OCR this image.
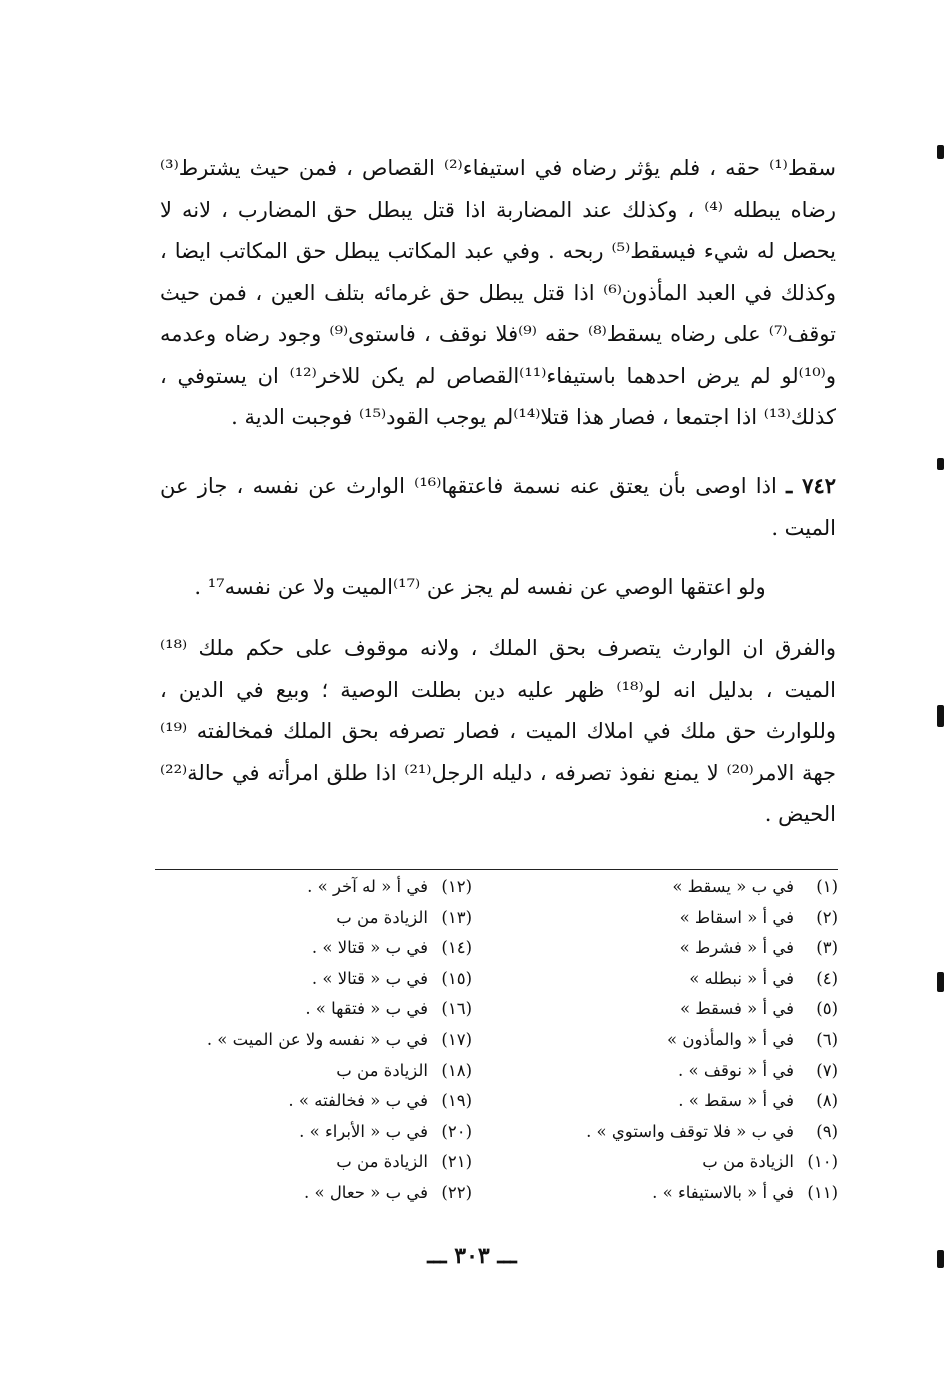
سقط⁽¹⁾ حقه ، فلم يؤثر رضاه في استيفاء⁽²⁾ القصاص ، فمن حيث يشترط⁽³⁾ رضاه يبطله ⁽⁴⁾ ، وكذلك عند المضاربة اذا قتل يبطل حق المضارب ، لانه لا يحصل له شيء فيسقط⁽⁵⁾ ربحه . وفي عبد المكاتب يبطل حق المكاتب ايضا ، وكذلك في العبد المأذون⁽⁶⁾ اذا قتل يبطل حق غرمائه بتلف العين ، فمن حيث توقف⁽⁷⁾ على رضاه يسقط⁽⁸⁾ حقه ⁽⁹⁾فلا نوقف ، فاستوى⁽⁹⁾ وجود رضاه وعدمه و⁽¹⁰⁾لو لم يرض احدهما باستيفاء⁽¹¹⁾القصاص لم يكن للاخر⁽¹²⁾ ان يستوفي ، كذلك⁽¹³⁾ اذا اجتمعا ، فصار هذا قتلا⁽¹⁴⁾لم يوجب القود⁽¹⁵⁾ فوجبت الدية .

٧٤٢ ـ اذا اوصى بأن يعتق عنه نسمة فاعتقها⁽¹⁶⁾ الوارث عن نفسه ، جاز عن الميت .

ولو اعتقها الوصي عن نفسه لم يجز عن ⁽¹⁷⁾الميت ولا عن نفسه¹⁷ .

والفرق ان الوارث يتصرف بحق الملك ، ولانه موقوف على حكم ملك ⁽¹⁸⁾ الميت ، بدليل انه لو⁽¹⁸⁾ ظهر عليه دين بطلت الوصية ؛ وبيع في الدين ، وللوارث حق ملك في املاك الميت ، فصار تصرفه بحق الملك فمخالفته ⁽¹⁹⁾ جهة الامر⁽²⁰⁾ لا يمنع نفوذ تصرفه ، دليله الرجل⁽²¹⁾ اذا طلق امرأته في حالة⁽²²⁾ الحيض .

(١)في ب « يسقط »
(٢)في أ « اسقاط »
(٣)في أ « فشرط »
(٤)في أ « نبطله »
(٥)في أ « فسقط »
(٦)في أ « والمأذون »
(٧)في أ « نوقف » .
(٨)في أ « سقط » .
(٩)في ب « فلا توقف واستوي » .
(١٠)الزيادة من ب
(١١)في أ « بالاستيفاء » .
(١٢)في أ « له آخر » .
(١٣)الزيادة من ب
(١٤)في ب « قتالا » .
(١٥)في ب « قتالا » .
(١٦)في ب « فتقها » .
(١٧)في ب « نفسه ولا عن الميت » .
(١٨)الزيادة من ب
(١٩)في ب « فخالفته » .
(٢٠)في ب « الأبراء » .
(٢١)الزيادة من ب
(٢٢)في ب « حعال » .
ـــ ٣٠٣ ـــ
